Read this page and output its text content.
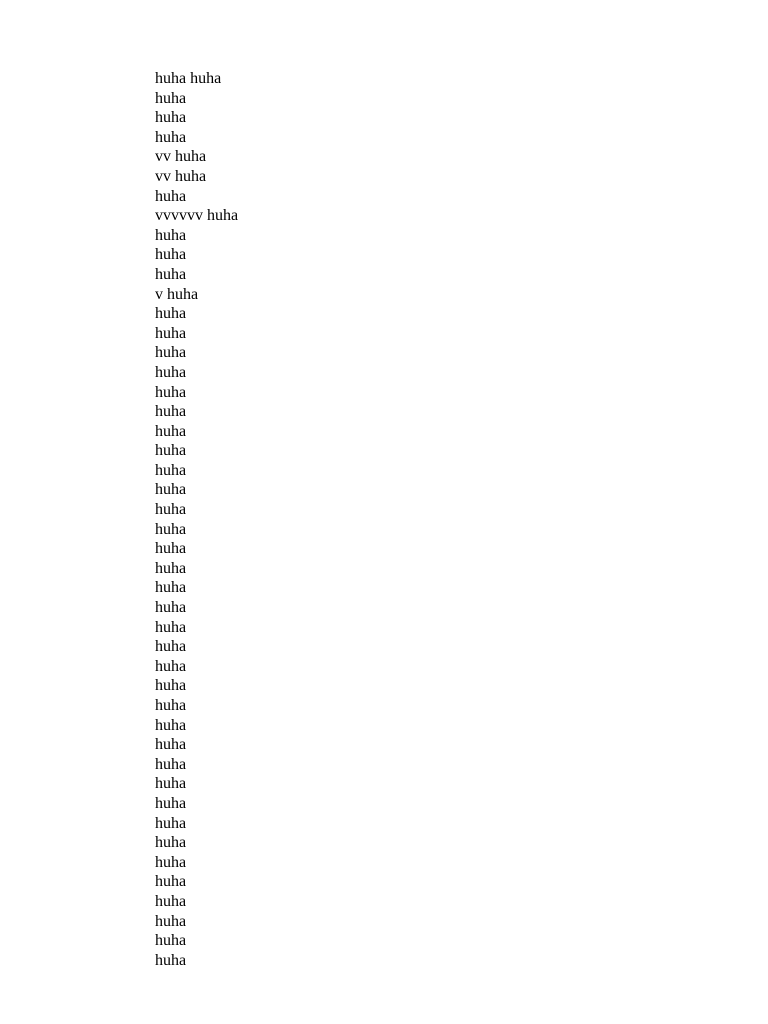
huha huha
huha
huha
huha
vv huha
vv huha
huha
vvvvvv huha
huha
huha
huha
v huha
huha
huha
huha
huha
huha
huha
huha
huha
huha
huha
huha
huha
huha
huha
huha
huha
huha
huha
huha
huha
huha
huha
huha
huha
huha
huha
huha
huha
huha
huha
huha
huha
huha
huha
